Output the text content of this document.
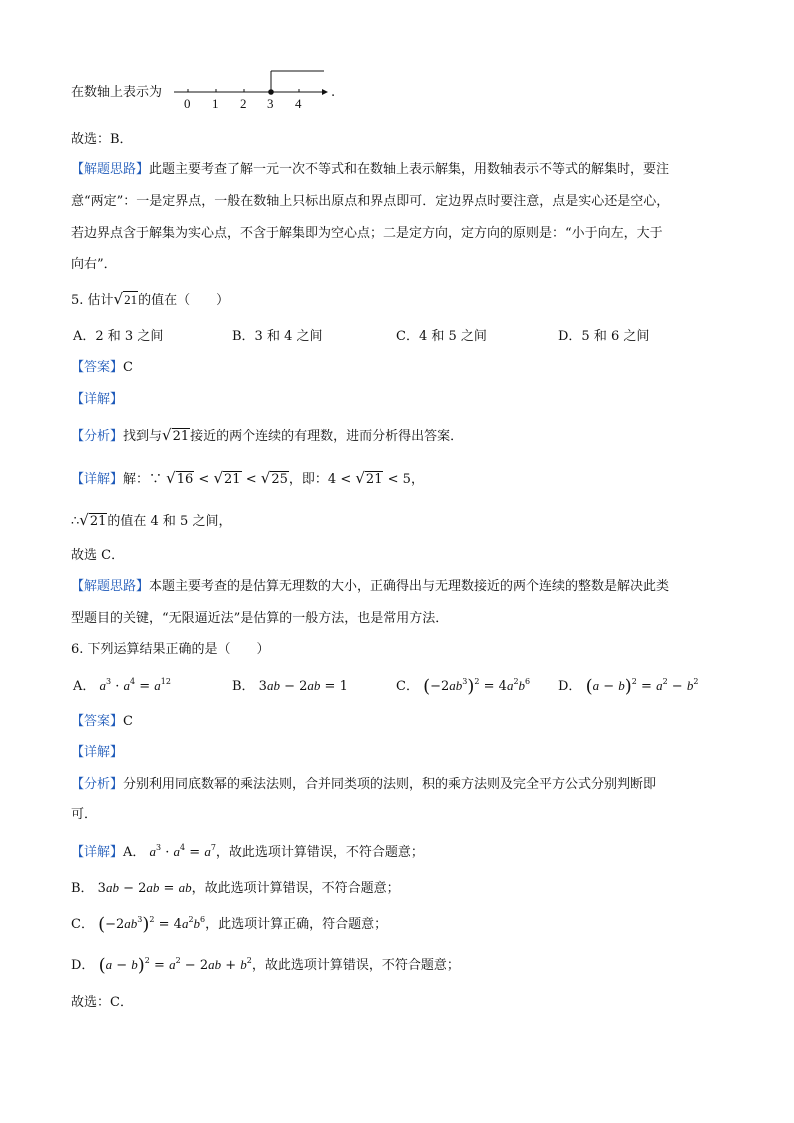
在数轴上表示为
0 1 2 3 4
.
故选：B．
【解题思路】此题主要考查了解一元一次不等式和在数轴上表示解集，用数轴表示不等式的解集时，要注
意“两定”：一是定界点，一般在数轴上只标出原点和界点即可．定边界点时要注意，点是实心还是空心，
若边界点含于解集为实心点，不含于解集即为空心点；二是定方向，定方向的原则是：“小于向左，大于
向右”．
5. 估计√21的值在（　　）
A．2 和 3 之间	B．3 和 4 之间	C．4 和 5 之间	D．5 和 6 之间
【答案】C
【详解】
【分析】找到与√21接近的两个连续的有理数，进而分析得出答案．
【详解】解：∵ √16 < √21 < √25，即：4 < √21 < 5，
∴√21的值在 4 和 5 之间，
故选 C．
【解题思路】本题主要考查的是估算无理数的大小，正确得出与无理数接近的两个连续的整数是解决此类
型题目的关键，“无限逼近法”是估算的一般方法，也是常用方法．
6. 下列运算结果正确的是（　　）
A． $a^3 \cdot a^4 = a^{12}$	B． 3ab − 2ab = 1	C． $(-2ab^3)^2 = 4a^2b^6$ D． $(a - b)^2 = a^2 - b^2$
【答案】C
【详解】
【分析】分别利用同底数幂的乘法法则，合并同类项的法则，积的乘方法则及完全平方公式分别判断即
可．
【详解】A． $a^3 \cdot a^4 = a^7$，故此选项计算错误，不符合题意；
B． 3ab − 2ab = ab，故此选项计算错误，不符合题意；
C． $(-2ab^3)^2 = 4a^2b^6$，此选项计算正确，符合题意；
D． $(a - b)^2 = a^2 - 2ab + b^2$，故此选项计算错误，不符合题意；
故选：C．
